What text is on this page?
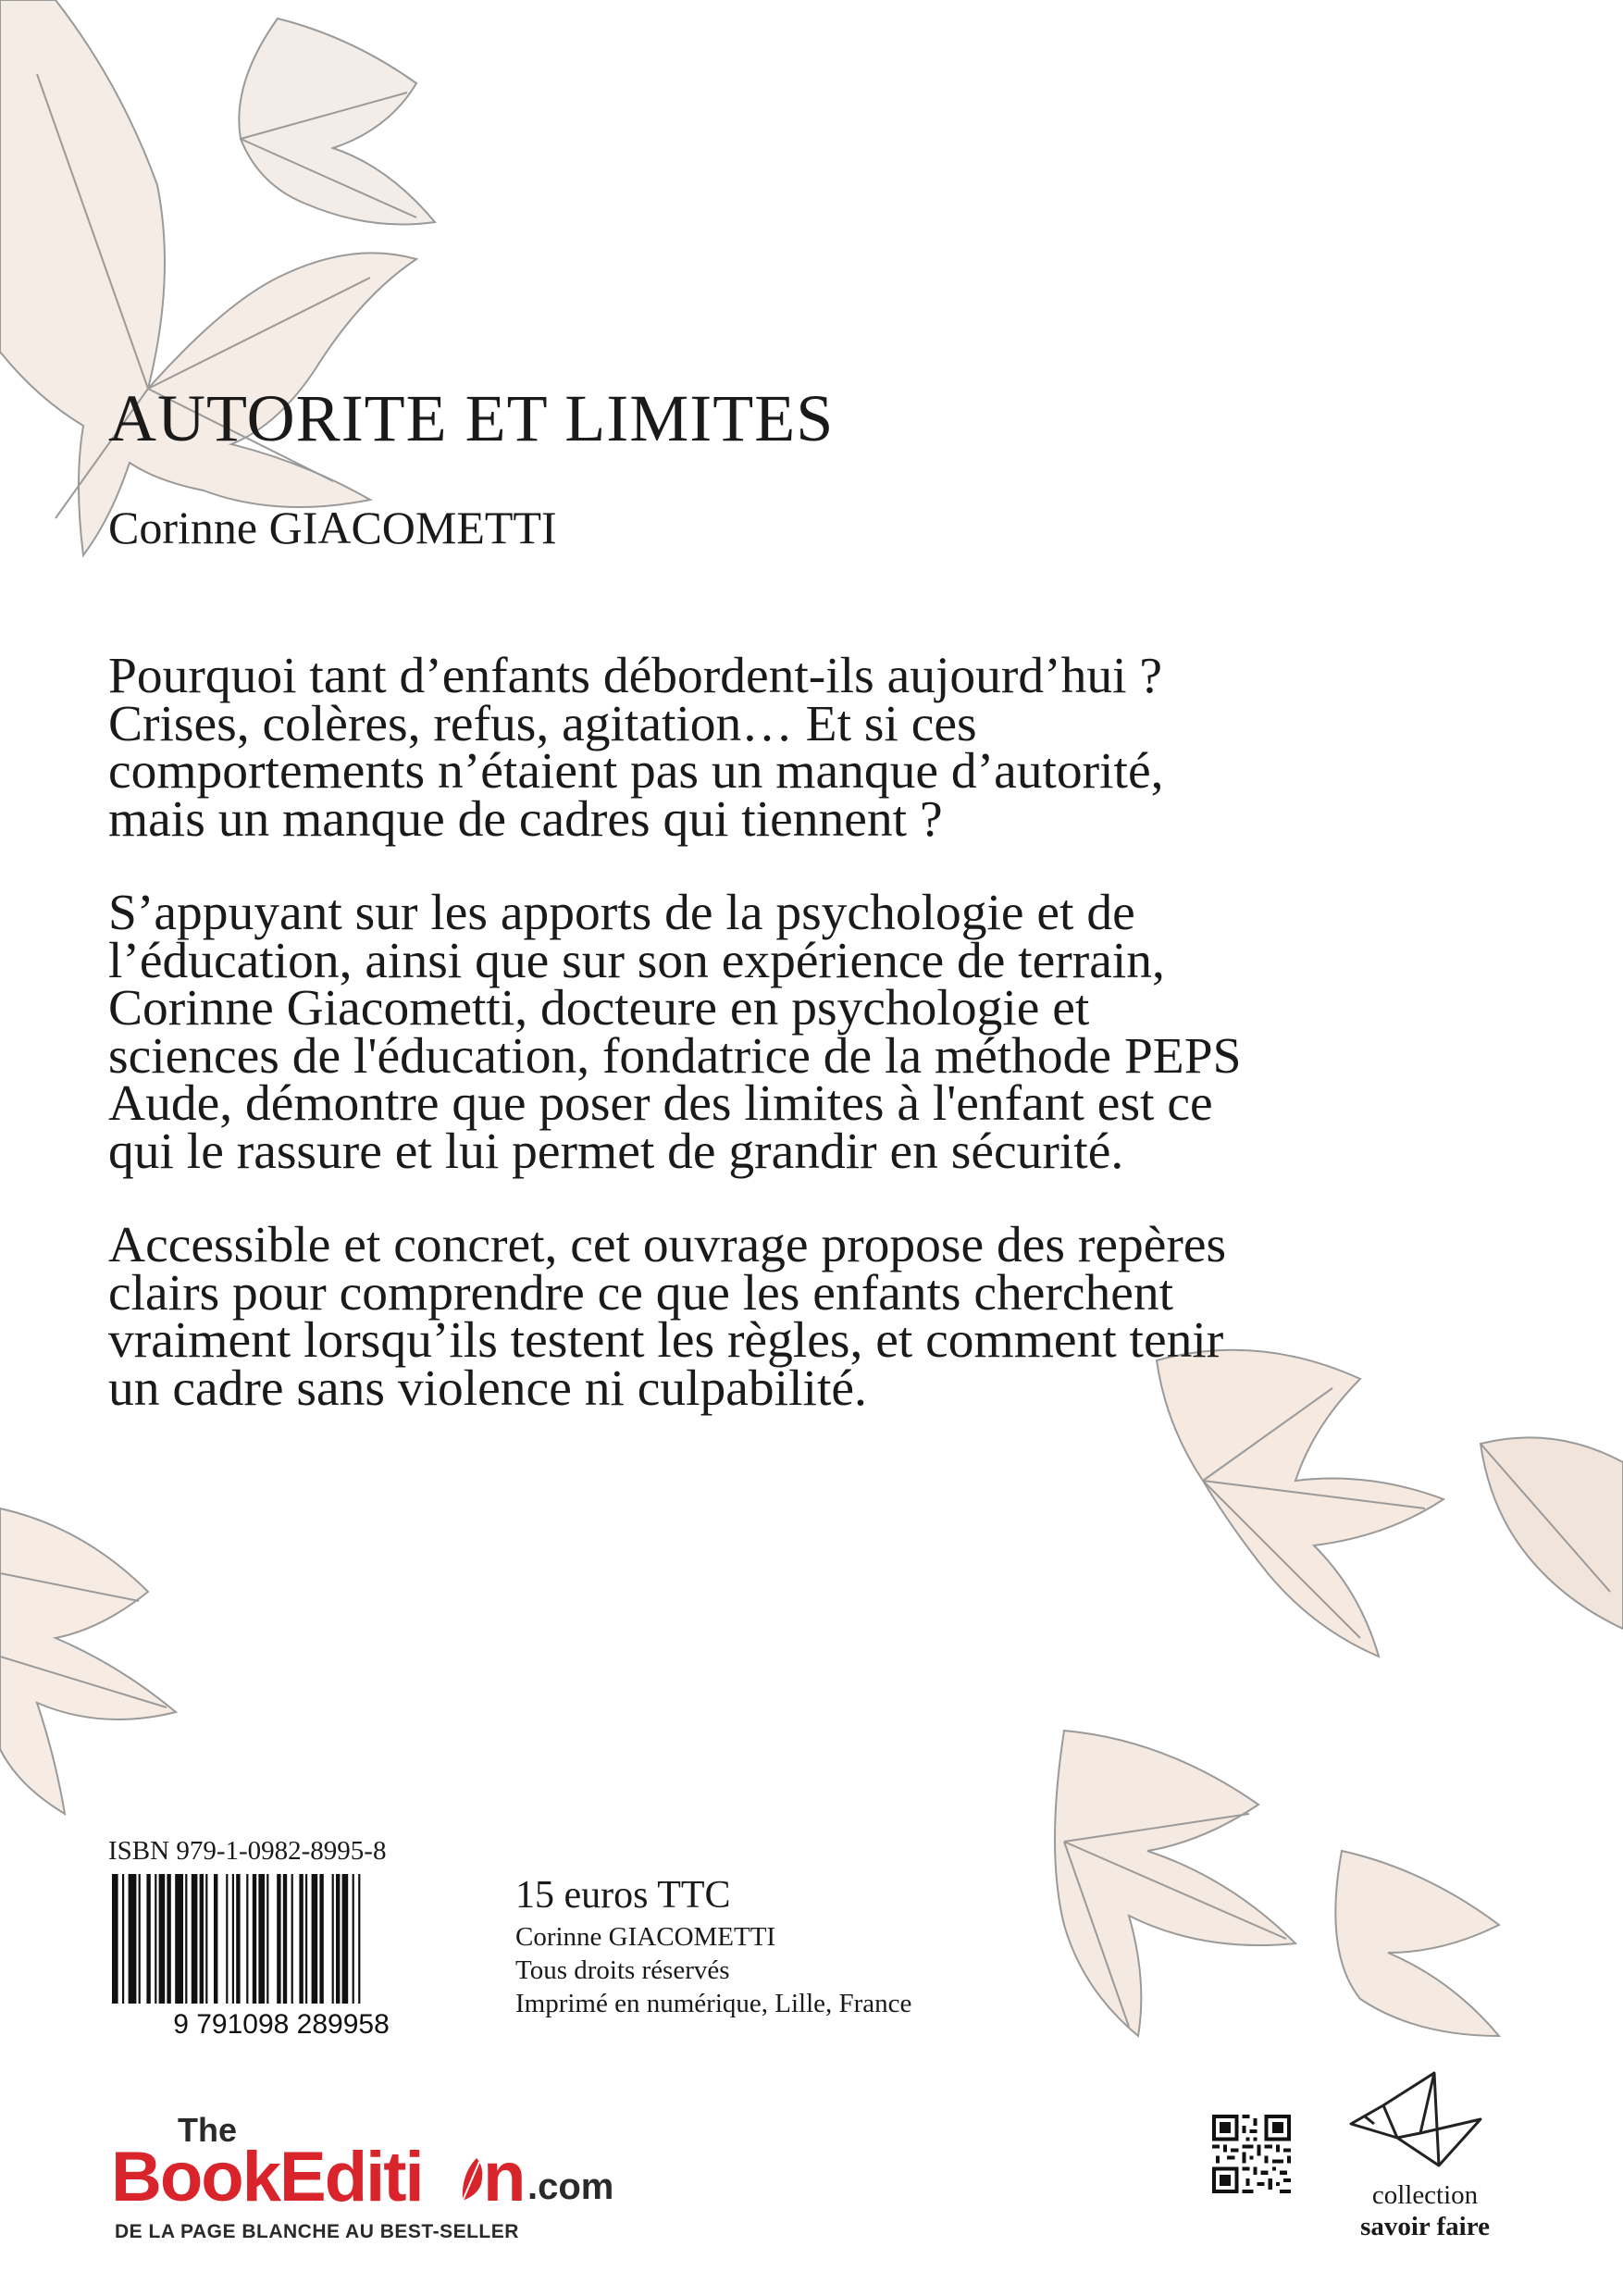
AUTORITE ET LIMITES
Corinne GIACOMETTI

Pourquoi tant d’enfants débordent-ils aujourd’hui ? Crises, colères, refus, agitation… Et si ces comportements n’étaient pas un manque d’autorité, mais un manque de cadres qui tiennent ?

S’appuyant sur les apports de la psychologie et de l’éducation, ainsi que sur son expérience de terrain, Corinne Giacometti, docteure en psychologie et sciences de l'éducation, fondatrice de la méthode PEPS Aude, démontre que poser des limites à l'enfant est ce qui le rassure et lui permet de grandir en sécurité.

Accessible et concret, cet ouvrage propose des repères clairs pour comprendre ce que les enfants cherchent vraiment lorsqu’ils testent les règles, et comment tenir un cadre sans violence ni culpabilité.

ISBN 979-1-0982-8995-8
9 791098 289958
15 euros TTC
Corinne GIACOMETTI
Tous droits réservés
Imprimé en numérique, Lille, France
The
BookEditi n .com
DE LA PAGE BLANCHE AU BEST-SELLER
collection
savoir faire
